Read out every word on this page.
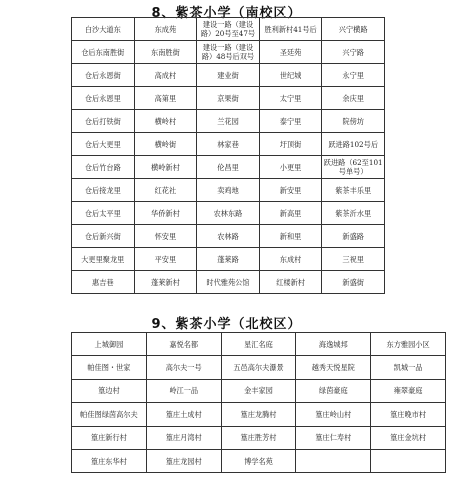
8、紫茶小学（南校区）
白沙大道东	东成苑	建设一路（建设路）20号至47号	胜利新村41号后	兴宁横路
仓后东南胜街	东南胜街	建设一路（建设路）48号后双号	圣廷苑	兴宁路
仓后永恩街	高成村	建业街	世纪城	永宁里
仓后永恩里	高第里	京果街	太宁里	余庆里
仓后打铁街	横岭村	兰花园	泰宁里	院傍坊
仓后大更里	横岭街	林家巷	圩顶街	跃进路102号后
仓后竹台路	横岭新村	伦昌里	小更里	跃进路（62至101号单号）
仓后接龙里	红花社	卖鸡地	新安里	紫茶丰乐里
仓后太平里	华侨新村	农林东路	新高里	紫茶沂水里
仓后新兴街	怀安里	农林路	新和里	新盛路
大更里聚龙里	平安里	蓬莱路	东成村	三祝里
惠吉巷	蓬莱新村	时代雅苑公馆	红楼新村	新盛街
9、紫茶小学（北校区）
上城御园	嘉悦名都	星汇名庭	海逸城邦	东方雅园小区
帕佳图・世家	高尔夫一号	五邑高尔夫瀑景	越秀天悦星院	凯城一品
篁边村	岭江一品	金丰家园	绿茵豪庭	雍翠豪庭
帕佳图绿茵高尔夫	篁庄土成村	篁庄龙腾村	篁庄岭山村	篁庄晚市村
篁庄新行村	篁庄月湾村	篁庄胜芳村	篁庄仁寿村	篁庄金坑村
篁庄东华村	篁庄龙园村	博学名苑		
